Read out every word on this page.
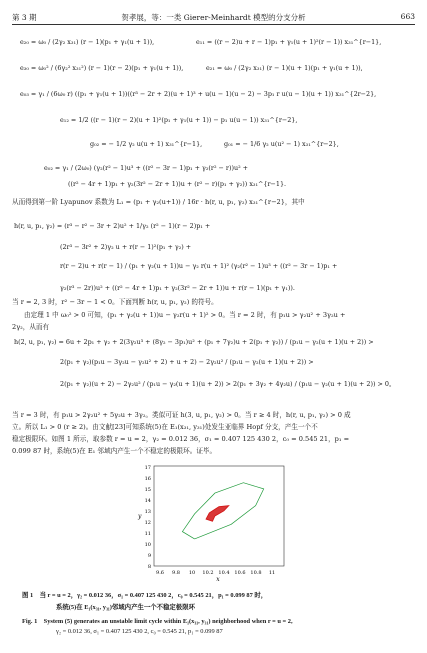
第 3 期	贺孝展，等：一类 Gierer-Meinhardt 模型的分支分析	663
e₂₀ = ω₀ / (2γ₂ x₃₁) (r − 1)(p₁ + γ₁(u + 1)),	e₁₁ = ((r − 2)u + r − 1)p₁ + γ₁(u + 1)²(r − 1)) x₃₁^{r−1},
e₃₀ = ω₀² / (6γ₂² x₃₁²) (r − 1)(r − 2)(p₁ + γ₁(u + 1)),	e₂₁ = ω₀ / (2γ₂ x₃₁) (r − 1)(u + 1)(p₁ + γ₁(u + 1)),
e₀₃ = γ₁ / (6ω₀ r) ((p₁ + γ₁(u + 1))((r³ − 2r + 2)(u + 1)³ + u(u − 1)(u − 2) − 3p₁ r u(u − 1)(u + 1)) x₃₁^{2r−2},
e₁₂ = 1/2 ((r − 1)(r − 2)(u + 1)²(p₁ + γ₁(u + 1)) − p₁ u(u − 1)) x₃₁^{r−2},
g₀₂ = − 1/2 γ₂ u(u + 1) x₃₁^{r−1},	g₀₁ = − 1/6 γ₂ u(u² − 1) x₃₁^{r−2},
e₀₂ = γ₁ / (2ω₀) (γ₂(r² − 1)u³ + ((r² − 3r − 1)p₁ + γ₂(r² − r))u² +
((r² − 4r + 1)p₁ + γ₂(3r² − 2r + 1))u + (r² − r)(p₁ + γ₂)) x₃₁^{r−1}.
从而得到第一阶 Lyapunov 系数为 L₁ = (p₁ + γ₂(u+1)) / 16r · h(r, u, p₁, γ₂) x₃₁^{r−2}，其中
h(r, u, p₁, γ₂) = (r³ − r² − 3r + 2)u² + 1/γ₂ (r² − 1)(r − 2)p₁ +
(2r³ − 3r² + 2)γ₂ u + r(r − 1)²(p₁ + γ₂) +
r(r − 2)u + r(r − 1) / (p₁ + γ₂(u + 1))u − γ₂ r(u + 1)² (γ₂(r² − 1)u³ + ((r² − 3r − 1)p₁ +
γ₂(r³ − 2r))u² + ((r² − 4r + 1)p₁ + γ₂(3r² − 2r + 1))u + r(r − 1)(p₁ + γ₁)).
当 r = 2, 3 时，r² − 3r − 1 < 0。下面判断 h(r, u, p₁, γ₂) 的符号。
由定理 1 中 ω₀² > 0 可知，(p₁ + γ₂(u + 1))u − γ₂r(u + 1)² > 0。当 r = 2 时，有 p₁u > γ₂u² + 3γ₂u +
2γ₂，从而有
h(2, u, p₁, γ₂) = 6u + 2p₁ + γ₂ + 2(3γ₂u³ + (8γ₂ − 3p₁)u² + (p₁ + 7γ₂)u + 2(p₁ + γ₂)) / (p₁u − γ₂(u + 1)(u + 2)) >
2(p₁ + γ₂)(p₁u − 3γ₂u − γ₂u² + 2) + u + 2) − 2γ₂u² / (p₁u − γ₂(u + 1)(u + 2)) >
2(p₁ + γ₂)(u + 2) − 2γ₂u² / (p₁u − γ₂(u + 1)(u + 2)) > 2(p₁ + 3γ₂ + 4γ₂u) / (p₁u − γ₂(u + 1)(u + 2)) > 0。
当 r = 3 时，有 p₁u > 2γ₂u² + 5γ₂u + 3γ₂。类似可证 h(3, u, p₁, γ₂) > 0。当 r ≥ 4 时，h(r, u, p₁, γ₂) > 0 成
立。所以 L₁ > 0 (r ≥ 2)。由文献[23]可知系统(5)在 E₁(x₃₁, y₃₁)处发生亚临界 Hopf 分支，产生一个不
稳定极限环。如图 1 所示，取参数 r = u = 2，γ₂ = 0.012 36，σ₁ = 0.407 125 430 2，c₀ = 0.545 21，p₁ =
0.099 87 时，系统(5)在 E₁ 邻域内产生一个不稳定的极限环。证毕。
17
16
15
14
13
12
11
10
9
8
9.6 9.8 10 10.2 10.4 10.6 10.8 11
y
x
图 1　当 r = u = 2，γ₂ = 0.012 36，σ₁ = 0.407 125 430 2，c₀ = 0.545 21，p₁ = 0.099 87 时，
系统(5)在 E₁(x₃₁, y₃₁)邻域内产生一个不稳定极限环
Fig. 1　System (5) generates an unstable limit cycle within E₁(x₃₁, y₃₁) neighborhood when r = u = 2,
γ₂ = 0.012 36, σ₁ = 0.407 125 430 2, c₀ = 0.545 21, p₁ = 0.099 87
